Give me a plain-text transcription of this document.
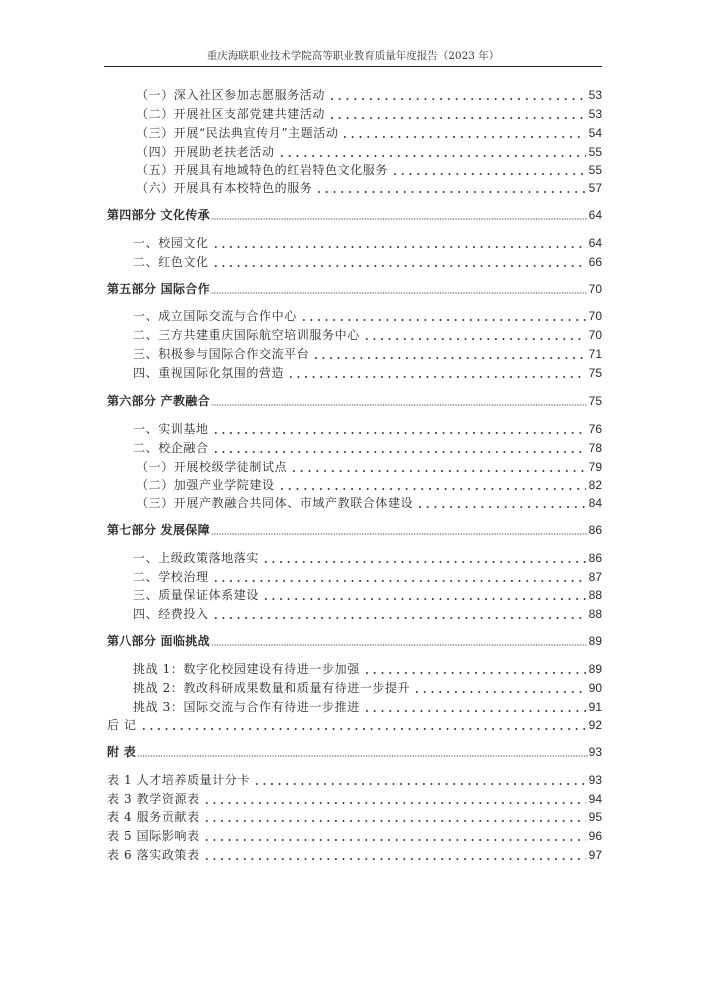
重庆海联职业技术学院高等职业教育质量年度报告（2023 年）
（一）深入社区参加志愿服务活动	53
（二）开展社区支部党建共建活动	53
（三）开展“民法典宣传月”主题活动	54
（四）开展助老扶老活动	55
（五）开展具有地域特色的红岩特色文化服务	55
（六）开展具有本校特色的服务	57
第四部分 文化传承	64
一、校园文化	64
二、红色文化	66
第五部分 国际合作	70
一、成立国际交流与合作中心	70
二、三方共建重庆国际航空培训服务中心	70
三、积极参与国际合作交流平台	71
四、重视国际化氛围的营造	75
第六部分 产教融合	75
一、实训基地	76
二、校企融合	78
（一）开展校级学徒制试点	79
（二）加强产业学院建设	82
（三）开展产教融合共同体、市域产教联合体建设	84
第七部分 发展保障	86
一、上级政策落地落实	86
二、学校治理	87
三、质量保证体系建设	88
四、经费投入	88
第八部分 面临挑战	89
挑战 1：数字化校园建设有待进一步加强	89
挑战 2：教改科研成果数量和质量有待进一步提升	90
挑战 3：国际交流与合作有待进一步推进	91
后 记	92
附 表	93
表 1 人才培养质量计分卡	93
表 3 教学资源表	94
表 4 服务贡献表	95
表 5 国际影响表	96
表 6 落实政策表	97
